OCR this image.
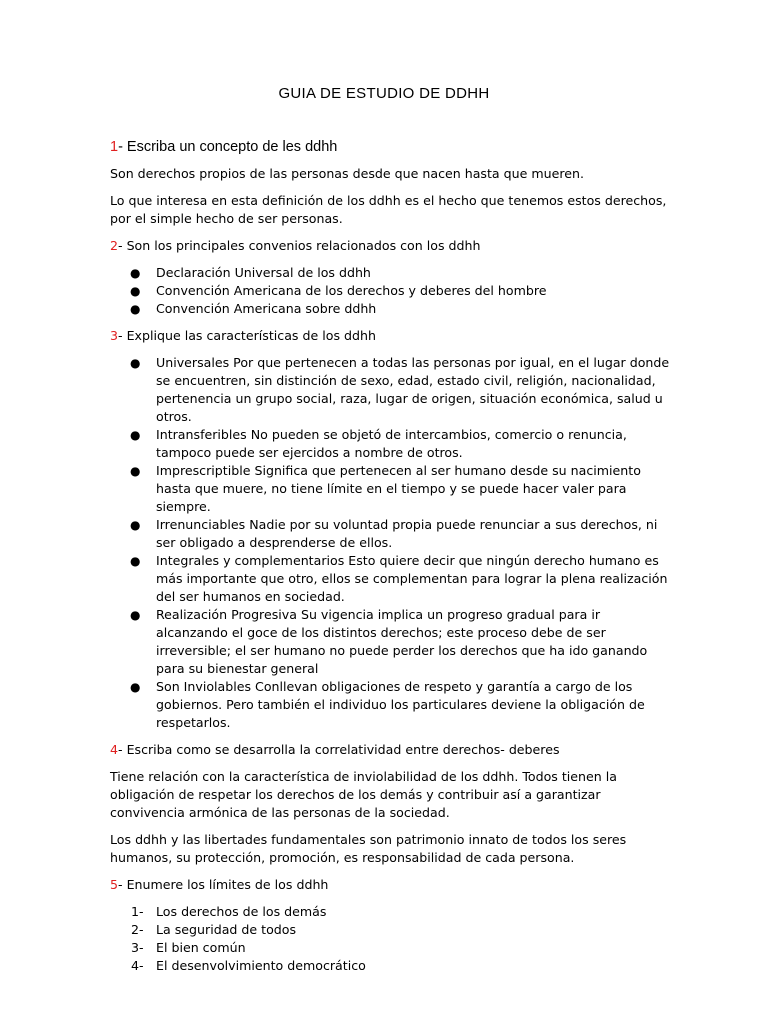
GUIA DE ESTUDIO DE DDHH
1- Escriba un concepto de les ddhh

Son derechos propios de las personas desde que nacen hasta que mueren.

Lo que interesa en esta definición de los ddhh es el hecho que tenemos estos derechos, por el simple hecho de ser personas.

2- Son los principales convenios relacionados con los ddhh
● Declaración Universal de los ddhh
● Convención Americana de los derechos y deberes del hombre
● Convención Americana sobre ddhh
3- Explique las características de los ddhh
● Universales Por que pertenecen a todas las personas por igual, en el lugar donde se encuentren, sin distinción de sexo, edad, estado civil, religión, nacionalidad, pertenencia un grupo social, raza, lugar de origen, situación económica, salud u otros.
● Intransferibles No pueden se objetó de intercambios, comercio o renuncia, tampoco puede ser ejercidos a nombre de otros.
● Imprescriptible Significa que pertenecen al ser humano desde su nacimiento hasta que muere, no tiene límite en el tiempo y se puede hacer valer para siempre.
● Irrenunciables Nadie por su voluntad propia puede renunciar a sus derechos, ni ser obligado a desprenderse de ellos.
● Integrales y complementarios Esto quiere decir que ningún derecho humano es más importante que otro, ellos se complementan para lograr la plena realización del ser humanos en sociedad.
● Realización Progresiva Su vigencia implica un progreso gradual para ir alcanzando el goce de los distintos derechos; este proceso debe de ser irreversible; el ser humano no puede perder los derechos que ha ido ganando para su bienestar general
● Son Inviolables Conllevan obligaciones de respeto y garantía a cargo de los gobiernos. Pero también el individuo los particulares deviene la obligación de respetarlos.
4- Escriba como se desarrolla la correlatividad entre derechos- deberes

Tiene relación con la característica de inviolabilidad de los ddhh. Todos tienen la obligación de respetar los derechos de los demás y contribuir así a garantizar convivencia armónica de las personas de la sociedad.

Los ddhh y las libertades fundamentales son patrimonio innato de todos los seres humanos, su protección, promoción, es responsabilidad de cada persona.

5- Enumere los límites de los ddhh
1- Los derechos de los demás
2- La seguridad de todos
3- El bien común
4- El desenvolvimiento democrático
